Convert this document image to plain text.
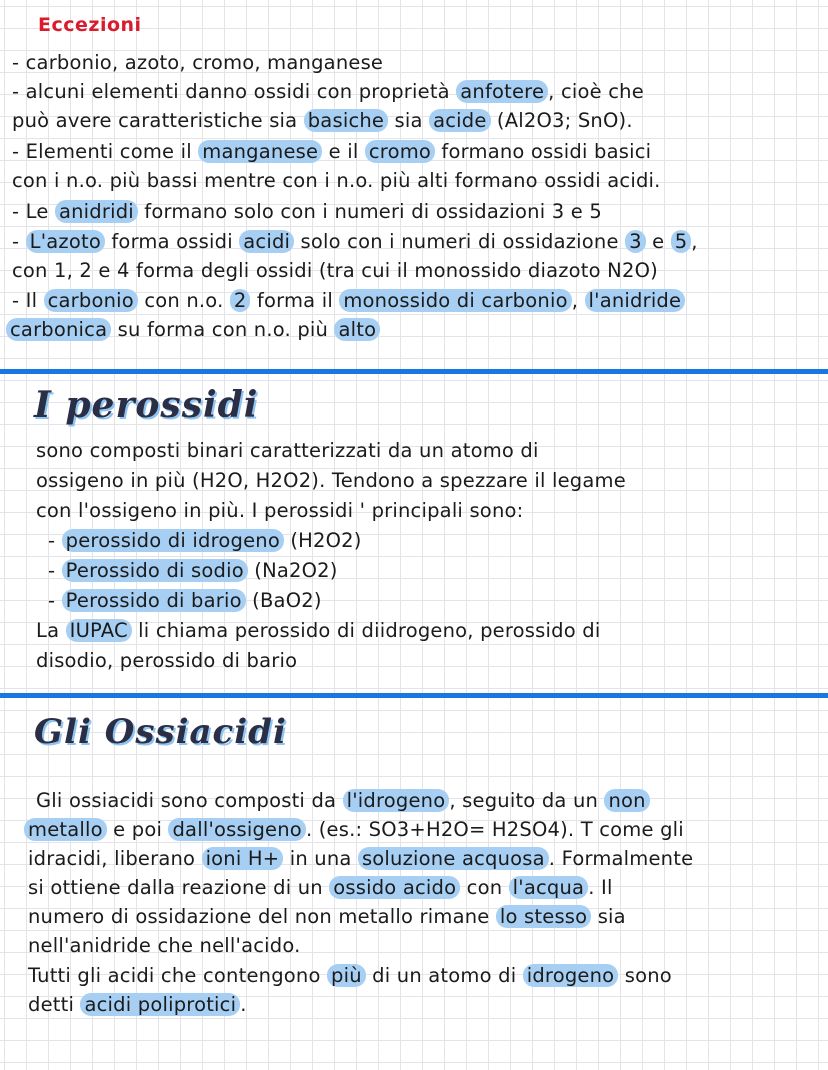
Eccezioni
- carbonio, azoto, cromo, manganese
- alcuni elementi danno ossidi con proprietà anfotere , cioè che
può avere caratteristiche sia basiche sia acide (Al2O3; SnO).
- Elementi come il manganese e il cromo formano ossidi basici
con i n.o. più bassi mentre con i n.o. più alti formano ossidi acidi.
- Le anidridi formano solo con i numeri di ossidazioni 3 e 5
- L'azoto forma ossidi acidi solo con i numeri di ossidazione 3 e 5 ,
con 1, 2 e 4 forma degli ossidi (tra cui il monossido diazoto N2O)
- Il carbonio con n.o. 2 forma il monossido di carbonio , l'anidride
carbonica su forma con n.o. più alto
I perossidi
sono composti binari caratterizzati da un atomo di
ossigeno in più (H2O, H2O2). Tendono a spezzare il legame
con l'ossigeno in più. I perossidi ' principali sono:
- perossido di idrogeno (H2O2)
- Perossido di sodio (Na2O2)
- Perossido di bario (BaO2)
La IUPAC li chiama perossido di diidrogeno, perossido di
disodio, perossido di bario
Gli Ossiacidi
Gli ossiacidi sono composti da l'idrogeno , seguito da un non
metallo e poi dall'ossigeno . (es.: SO3+H2O= H2SO4). T come gli
idracidi, liberano ioni H+ in una soluzione acquosa . Formalmente
si ottiene dalla reazione di un ossido acido con l'acqua . Il
numero di ossidazione del non metallo rimane lo stesso sia
nell'anidride che nell'acido.
Tutti gli acidi che contengono più di un atomo di idrogeno sono
detti acidi poliprotici .
